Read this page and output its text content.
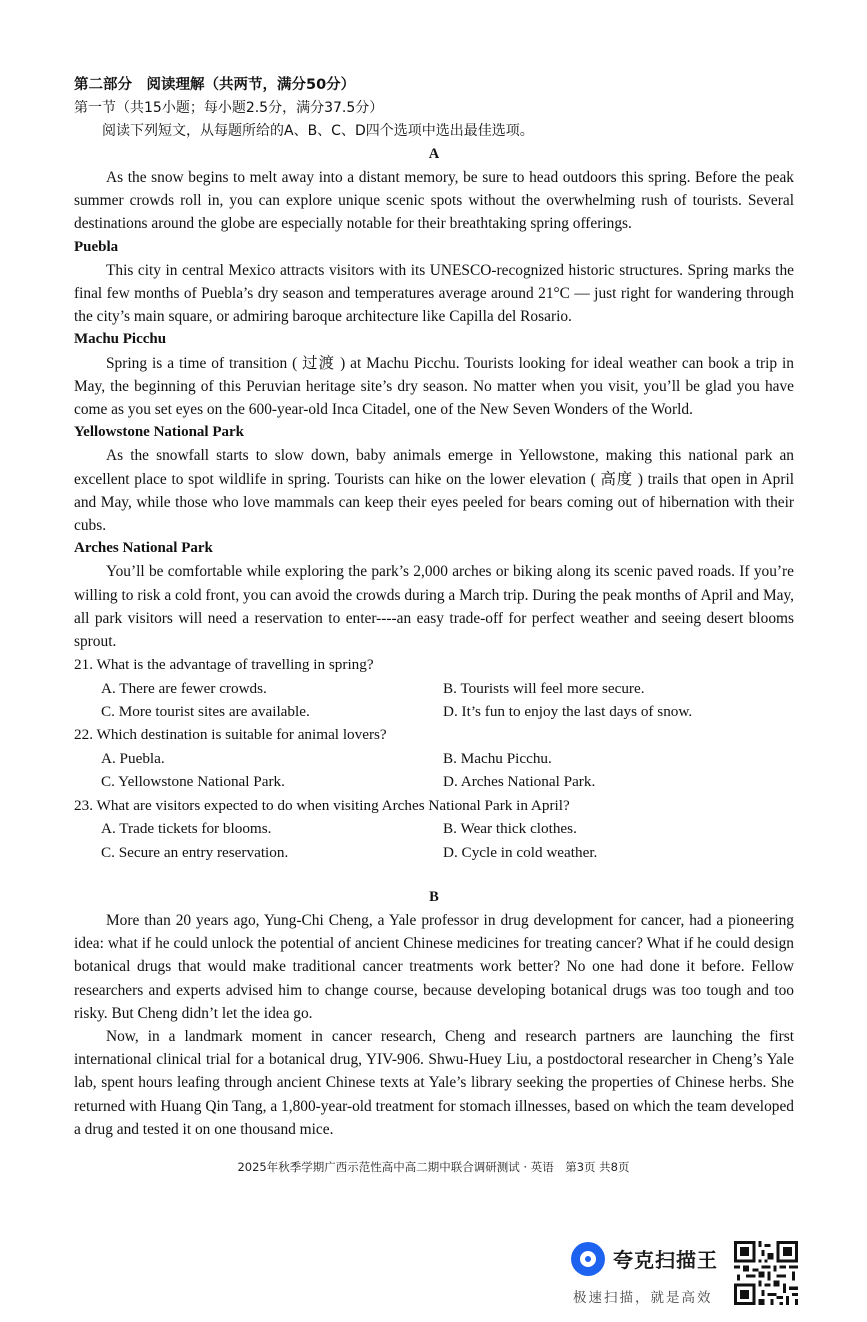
第二部分　阅读理解（共两节，满分50分）
第一节（共15小题；每小题2.5分，满分37.5分）
阅读下列短文，从每题所给的A、B、C、D四个选项中选出最佳选项。
A

As the snow begins to melt away into a distant memory, be sure to head outdoors this spring. Before the peak summer crowds roll in, you can explore unique scenic spots without the overwhelming rush of tourists. Several destinations around the globe are especially notable for their breathtaking spring offerings.

Puebla

This city in central Mexico attracts visitors with its UNESCO-recognized historic structures. Spring marks the final few months of Puebla’s dry season and temperatures average around 21°C — just right for wandering through the city’s main square, or admiring baroque architecture like Capilla del Rosario.

Machu Picchu

Spring is a time of transition ( 过渡 ) at Machu Picchu. Tourists looking for ideal weather can book a trip in May, the beginning of this Peruvian heritage site’s dry season. No matter when you visit, you’ll be glad you have come as you set eyes on the 600-year-old Inca Citadel, one of the New Seven Wonders of the World.

Yellowstone National Park

As the snowfall starts to slow down, baby animals emerge in Yellowstone, making this national park an excellent place to spot wildlife in spring. Tourists can hike on the lower elevation ( 高度 ) trails that open in April and May, while those who love mammals can keep their eyes peeled for bears coming out of hibernation with their cubs.

Arches National Park

You’ll be comfortable while exploring the park’s 2,000 arches or biking along its scenic paved roads. If you’re willing to risk a cold front, you can avoid the crowds during a March trip. During the peak months of April and May, all park visitors will need a reservation to enter----an easy trade-off for perfect weather and seeing desert blooms sprout.

21. What is the advantage of travelling in spring?
A. There are fewer crowds.	B. Tourists will feel more secure.
C. More tourist sites are available.	D. It’s fun to enjoy the last days of snow.
22. Which destination is suitable for animal lovers?
A. Puebla.	B. Machu Picchu.
C. Yellowstone National Park.	D. Arches National Park.
23. What are visitors expected to do when visiting Arches National Park in April?
A. Trade tickets for blooms.	B. Wear thick clothes.
C. Secure an entry reservation.	D. Cycle in cold weather.
B

More than 20 years ago, Yung-Chi Cheng, a Yale professor in drug development for cancer, had a pioneering idea: what if he could unlock the potential of ancient Chinese medicines for treating cancer? What if he could design botanical drugs that would make traditional cancer treatments work better? No one had done it before. Fellow researchers and experts advised him to change course, because developing botanical drugs was too tough and too risky. But Cheng didn’t let the idea go.

Now, in a landmark moment in cancer research, Cheng and research partners are launching the first international clinical trial for a botanical drug, YIV-906. Shwu-Huey Liu, a postdoctoral researcher in Cheng’s Yale lab, spent hours leafing through ancient Chinese texts at Yale’s library seeking the properties of Chinese herbs. She returned with Huang Qin Tang, a 1,800-year-old treatment for stomach illnesses, based on which the team developed a drug and tested it on one thousand mice.

2025年秋季学期广西示范性高中高二期中联合调研测试 · 英语　第3页 共8页
夸克扫描王
极速扫描，就是高效
